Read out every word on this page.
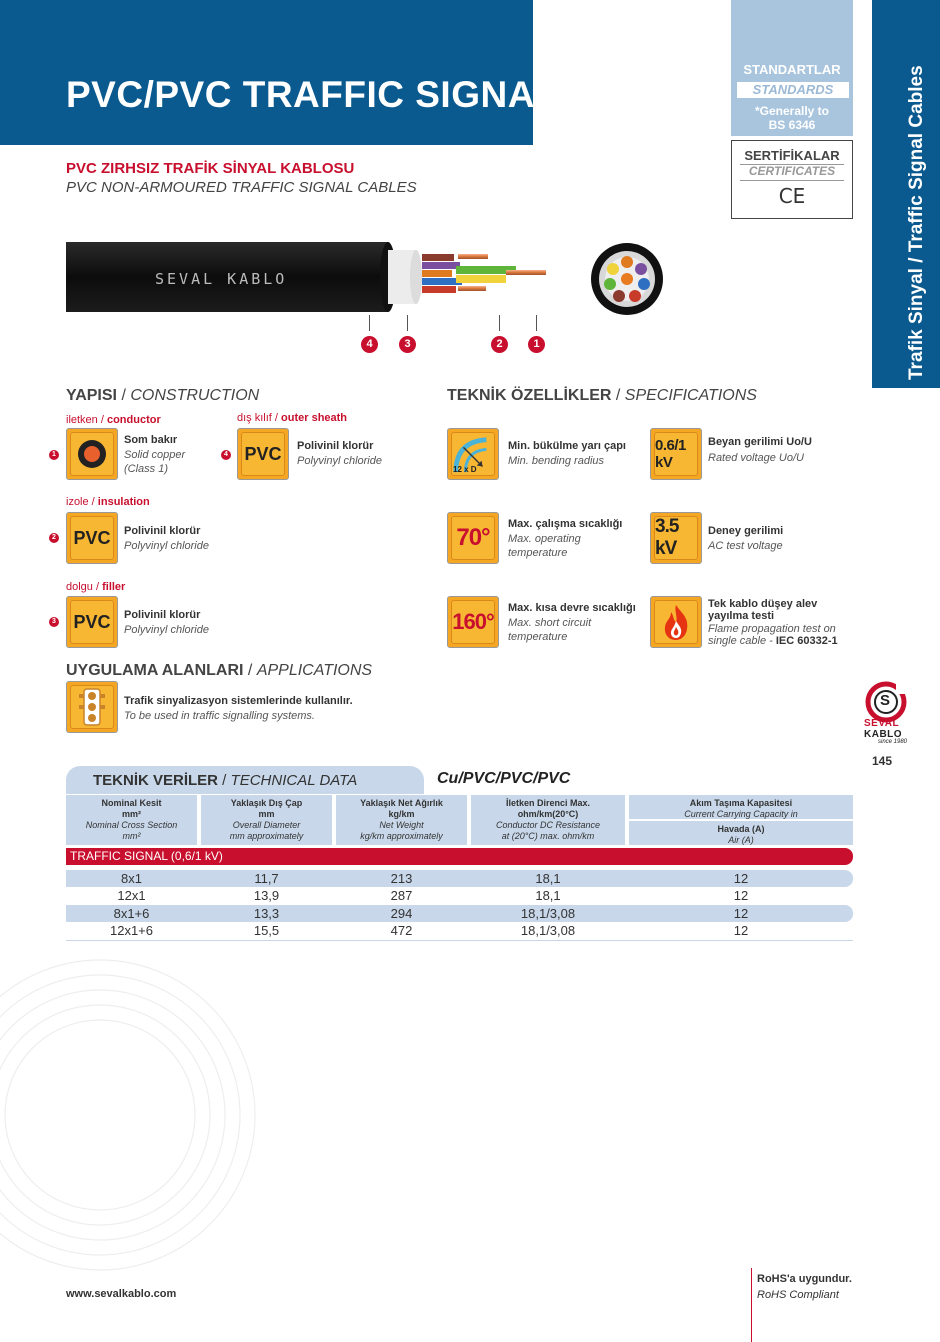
PVC/PVC TRAFFIC SIGNAL
STANDARTLAR
STANDARDS
*Generally to
BS 6346
SERTİFİKALAR
CERTIFICATES
CE	Trafik Sinyal / Traffic Signal Cables
PVC ZIRHSIZ TRAFİK SİNYAL KABLOSU
PVC NON-ARMOURED TRAFFIC SIGNAL CABLES
SEVAL KABLO
4	3	2	1
YAPISI / CONSTRUCTION
iletken / conductor
1
Som bakır
Solid copper
(Class 1)
dış kılıf / outer sheath
4 PVC Polivinil klorür
Polyvinyl chloride
izole / insulation
2 PVC Polivinil klorür
Polyvinyl chloride
dolgu / filler
3 PVC Polivinil klorür
Polyvinyl chloride
TEKNİK ÖZELLİKLER / SPECIFICATIONS
12 x D
Min. bükülme yarı çapı
Min. bending radius
0.6/1 kV
Beyan gerilimi Uo/U
Rated voltage Uo/U
70° Max. çalışma sıcaklığı
Max. operating
temperature
3.5 kV
Deney gerilimi
AC test voltage
160°
Max. kısa devre sıcaklığı
Max. short circuit
temperature
Tek kablo düşey alev
yayılma testi
Flame propagation test on
single cable - IEC 60332-1
UYGULAMA ALANLARI / APPLICATIONS
Trafik sinyalizasyon sistemlerinde kullanılır.
To be used in traffic signalling systems.
S
SEVAL
KABLO
since 1980
145
TEKNİK VERİLER / TECHNICAL DATA	Cu/PVC/PVC/PVC
Nominal Kesit
mm²
Nominal Cross Section
mm²
Yaklaşık Dış Çap
mm
Overall Diameter
mm approximately
Yaklaşık Net Ağırlık
kg/km
Net Weight
kg/km approximately
İletken Direnci Max.
ohm/km(20°C)
Conductor DC Resistance
at (20°C) max. ohm/km
Akım Taşıma Kapasitesi
Current Carrying Capacity in
Havada (A)
Air (A)
TRAFFIC SIGNAL (0,6/1 kV)
8x1	11,7	213	18,1	12
12x1	13,9	287	18,1	12
8x1+6	13,3	294	18,1/3,08	12
12x1+6	15,5	472	18,1/3,08	12
www.sevalkablo.com
RoHS'a uygundur.
RoHS Compliant
